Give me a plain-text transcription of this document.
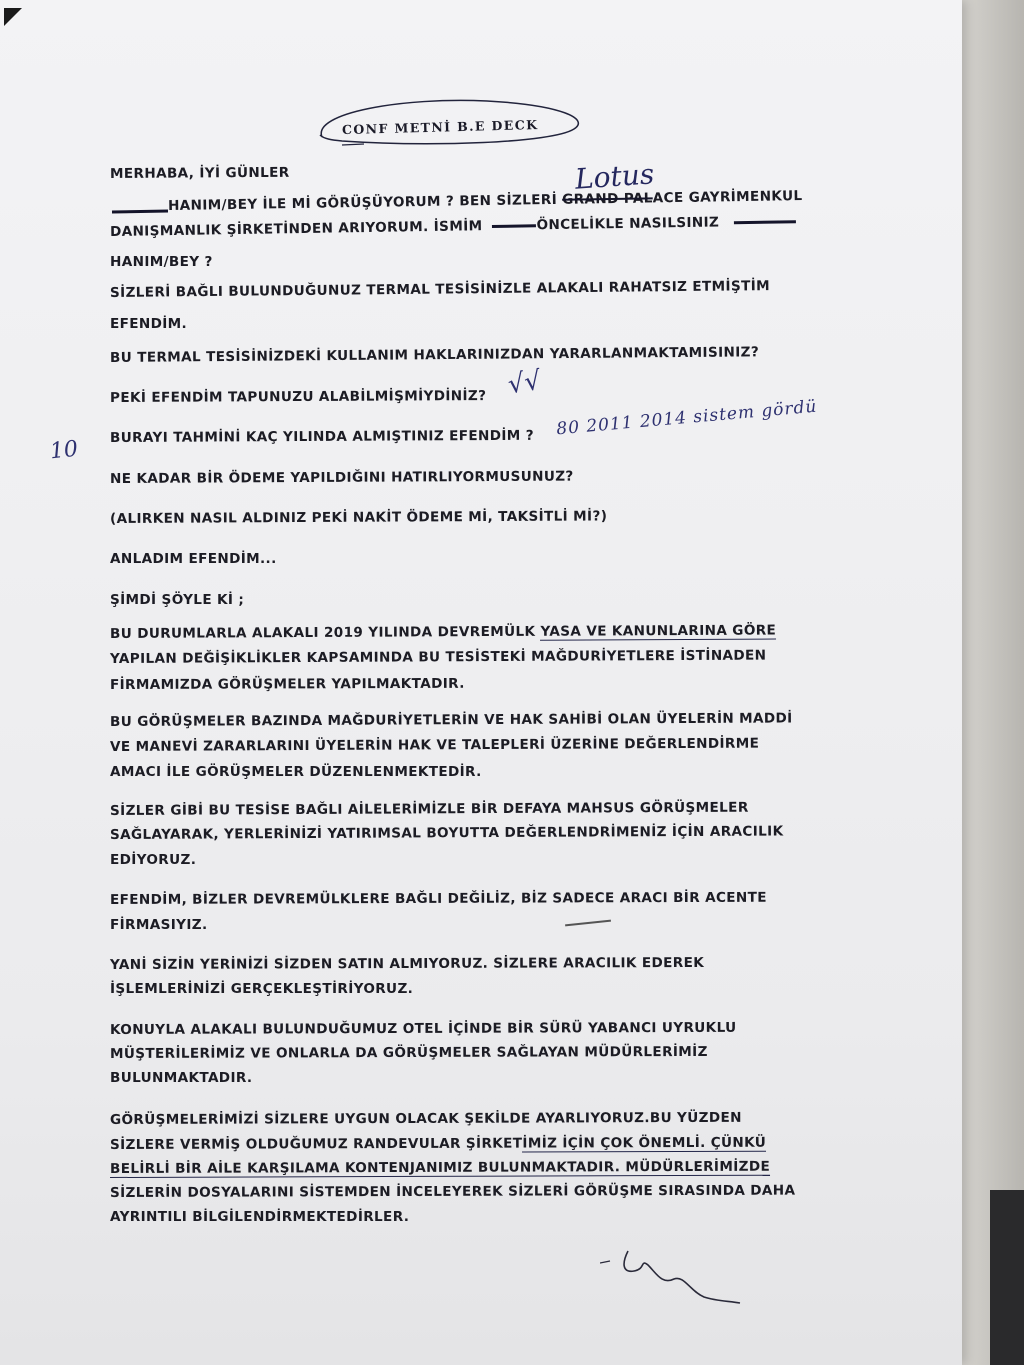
CONF METNİ B.E DECK
MERHABA, İYİ GÜNLER	Lotus
HANIM/BEY İLE Mİ GÖRÜŞÜYORUM ? BEN SİZLERİ GRAND PALACE GAYRİMENKUL
DANIŞMANLIK ŞİRKETİNDEN ARIYORUM. İSMİM	ÖNCELİKLE NASILSINIZ
HANIM/BEY ?
SİZLERİ BAĞLI BULUNDUĞUNUZ TERMAL TESİSİNİZLE ALAKALI RAHATSIZ ETMİŞTİM
EFENDİM.
BU TERMAL TESİSİNİZDEKİ KULLANIM HAKLARINIZDAN YARARLANMAKTAMISINIZ?
PEKİ EFENDİM TAPUNUZU ALABİLMİŞMİYDİNİZ? √√
10 BURAYI TAHMİNİ KAÇ YILINDA ALMIŞTINIZ EFENDİM ? 80 2011 2014 sistem gördü
NE KADAR BİR ÖDEME YAPILDIĞINI HATIRLIYORMUSUNUZ?
(ALIRKEN NASIL ALDINIZ PEKİ NAKİT ÖDEME Mİ, TAKSİTLİ Mİ?)
ANLADIM EFENDİM...
ŞİMDİ ŞÖYLE Kİ ;
BU DURUMLARLA ALAKALI 2019 YILINDA DEVREMÜLK YASA VE KANUNLARINA GÖRE
YAPILAN DEĞİŞİKLİKLER KAPSAMINDA BU TESİSTEKİ MAĞDURİYETLERE İSTİNADEN
FİRMAMIZDA GÖRÜŞMELER YAPILMAKTADIR.
BU GÖRÜŞMELER BAZINDA MAĞDURİYETLERİN VE HAK SAHİBİ OLAN ÜYELERİN MADDİ
VE MANEVİ ZARARLARINI ÜYELERİN HAK VE TALEPLERİ ÜZERİNE DEĞERLENDİRME
AMACI İLE GÖRÜŞMELER DÜZENLENMEKTEDİR.
SİZLER GİBİ BU TESİSE BAĞLI AİLELERİMİZLE BİR DEFAYA MAHSUS GÖRÜŞMELER
SAĞLAYARAK, YERLERİNİZİ YATIRIMSAL BOYUTTA DEĞERLENDRİMENİZ İÇİN ARACILIK
EDİYORUZ.
EFENDİM, BİZLER DEVREMÜLKLERE BAĞLI DEĞİLİZ, BİZ SADECE ARACI BİR ACENTE
FİRMASIYIZ.
YANİ SİZİN YERİNİZİ SİZDEN SATIN ALMIYORUZ. SİZLERE ARACILIK EDEREK
İŞLEMLERİNİZİ GERÇEKLEŞTİRİYORUZ.
KONUYLA ALAKALI BULUNDUĞUMUZ OTEL İÇİNDE BİR SÜRÜ YABANCI UYRUKLU
MÜŞTERİLERİMİZ VE ONLARLA DA GÖRÜŞMELER SAĞLAYAN MÜDÜRLERİMİZ
BULUNMAKTADIR.
GÖRÜŞMELERİMİZİ SİZLERE UYGUN OLACAK ŞEKİLDE AYARLIYORUZ.BU YÜZDEN
SİZLERE VERMİŞ OLDUĞUMUZ RANDEVULAR ŞİRKETİMİZ İÇİN ÇOK ÖNEMLİ. ÇÜNKÜ
BELİRLİ BİR AİLE KARŞILAMA KONTENJANIMIZ BULUNMAKTADIR. MÜDÜRLERİMİZDE
SİZLERİN DOSYALARINI SİSTEMDEN İNCELEYEREK SİZLERİ GÖRÜŞME SIRASINDA DAHA
AYRINTILI BİLGİLENDİRMEKTEDİRLER.
